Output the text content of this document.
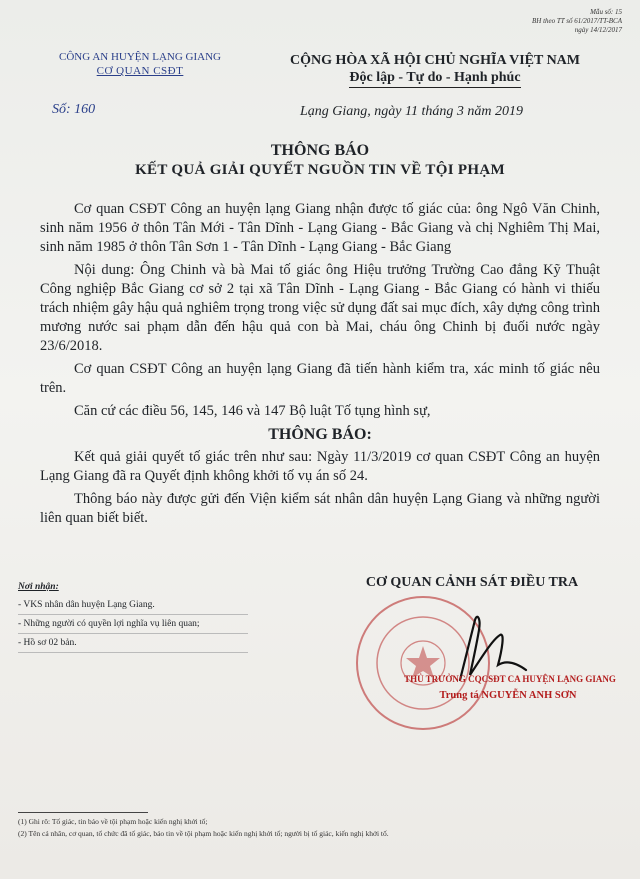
Mẫu số: 15
BH theo TT số 61/2017/TT-BCA
ngày 14/12/2017
CÔNG AN HUYỆN LẠNG GIANG
CƠ QUAN CSĐT
Số: 160
CỘNG HÒA XÃ HỘI CHỦ NGHĨA VIỆT NAM
Độc lập - Tự do - Hạnh phúc
Lạng Giang, ngày 11 tháng 3 năm 2019
THÔNG BÁO
KẾT QUẢ GIẢI QUYẾT NGUỒN TIN VỀ TỘI PHẠM

Cơ quan CSĐT Công an huyện lạng Giang nhận được tố giác của: ông Ngô Văn Chinh, sinh năm 1956 ở thôn Tân Mới - Tân Dĩnh - Lạng Giang - Bắc Giang và chị Nghiêm Thị Mai, sinh năm 1985 ở thôn Tân Sơn 1 - Tân Dĩnh - Lạng Giang - Bắc Giang

Nội dung: Ông Chinh và bà Mai tố giác ông Hiệu trưởng Trường Cao đẳng Kỹ Thuật Công nghiệp Bắc Giang cơ sở 2 tại xã Tân Dĩnh - Lạng Giang - Bắc Giang có hành vi thiếu trách nhiệm gây hậu quả nghiêm trọng trong việc sử dụng đất sai mục đích, xây dựng công trình mương nước sai phạm dẫn đến hậu quả con bà Mai, cháu ông Chinh bị đuối nước ngày 23/6/2018.

Cơ quan CSĐT Công an huyện lạng Giang đã tiến hành kiểm tra, xác minh tố giác nêu trên.

Căn cứ các điều 56, 145, 146 và 147 Bộ luật Tố tụng hình sự,

THÔNG BÁO:

Kết quả giải quyết tố giác trên như sau: Ngày 11/3/2019 cơ quan CSĐT Công an huyện Lạng Giang đã ra Quyết định không khởi tố vụ án số 24.

Thông báo này được gửi đến Viện kiểm sát nhân dân huyện Lạng Giang và những người liên quan biết biết.

Nơi nhận:
- VKS nhân dân huyện Lạng Giang.
- Những người có quyền lợi nghĩa vụ liên quan;
- Hồ sơ 02 bản.
CƠ QUAN CẢNH SÁT ĐIỀU TRA
THỦ TRƯỞNG CQCSĐT CA HUYỆN LẠNG GIANG
Trung tá NGUYỄN ANH SƠN
(1) Ghi rõ: Tố giác, tin báo về tội phạm hoặc kiến nghị khởi tố;
(2) Tên cá nhân, cơ quan, tổ chức đã tố giác, báo tin về tội phạm hoặc kiến nghị khởi tố; người bị tố giác, kiến nghị khởi tố.
